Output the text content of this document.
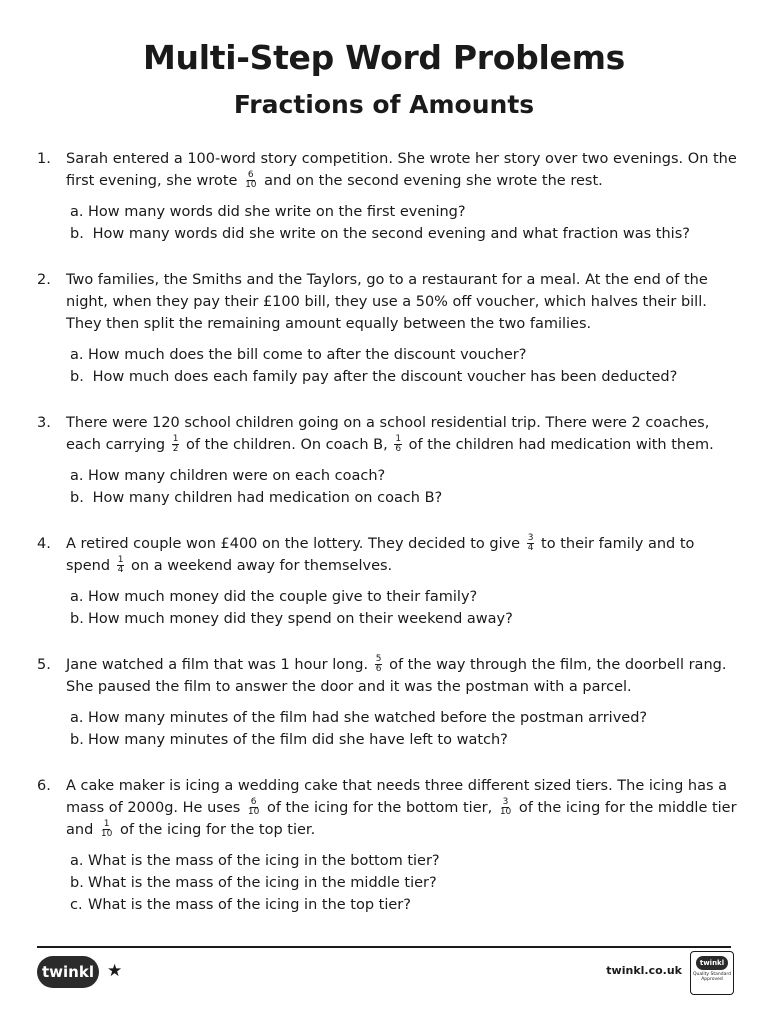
Multi-Step Word Problems
Fractions of Amounts
1. Sarah entered a 100-word story competition. She wrote her story over two evenings. On the first evening, she wrote $\frac{6}{10}$ and on the second evening she wrote the rest.
a. How many words did she write on the first evening?
b. How many words did she write on the second evening and what fraction was this?
2. Two families, the Smiths and the Taylors, go to a restaurant for a meal. At the end of the night, when they pay their £100 bill, they use a 50% off voucher, which halves their bill. They then split the remaining amount equally between the two families.
a. How much does the bill come to after the discount voucher?
b. How much does each family pay after the discount voucher has been deducted?
3. There were 120 school children going on a school residential trip. There were 2 coaches, each carrying $\frac{1}{2}$ of the children. On coach B, $\frac{1}{6}$ of the children had medication with them.
a. How many children were on each coach?
b. How many children had medication on coach B?
4. A retired couple won £400 on the lottery. They decided to give $\frac{3}{4}$ to their family and to spend $\frac{1}{4}$ on a weekend away for themselves.
a. How much money did the couple give to their family?
b. How much money did they spend on their weekend away?
5. Jane watched a film that was 1 hour long. $\frac{5}{6}$ of the way through the film, the doorbell rang. She paused the film to answer the door and it was the postman with a parcel.
a. How many minutes of the film had she watched before the postman arrived?
b. How many minutes of the film did she have left to watch?
6. A cake maker is icing a wedding cake that needs three different sized tiers. The icing has a mass of 2000g. He uses $\frac{6}{10}$ of the icing for the bottom tier, $\frac{3}{10}$ of the icing for the middle tier and $\frac{1}{10}$ of the icing for the top tier.
a. What is the mass of the icing in the bottom tier?
b. What is the mass of the icing in the middle tier?
c. What is the mass of the icing in the top tier?
twinkl ★	twinkl.co.uk
twinkl
Quality Standard Approved
